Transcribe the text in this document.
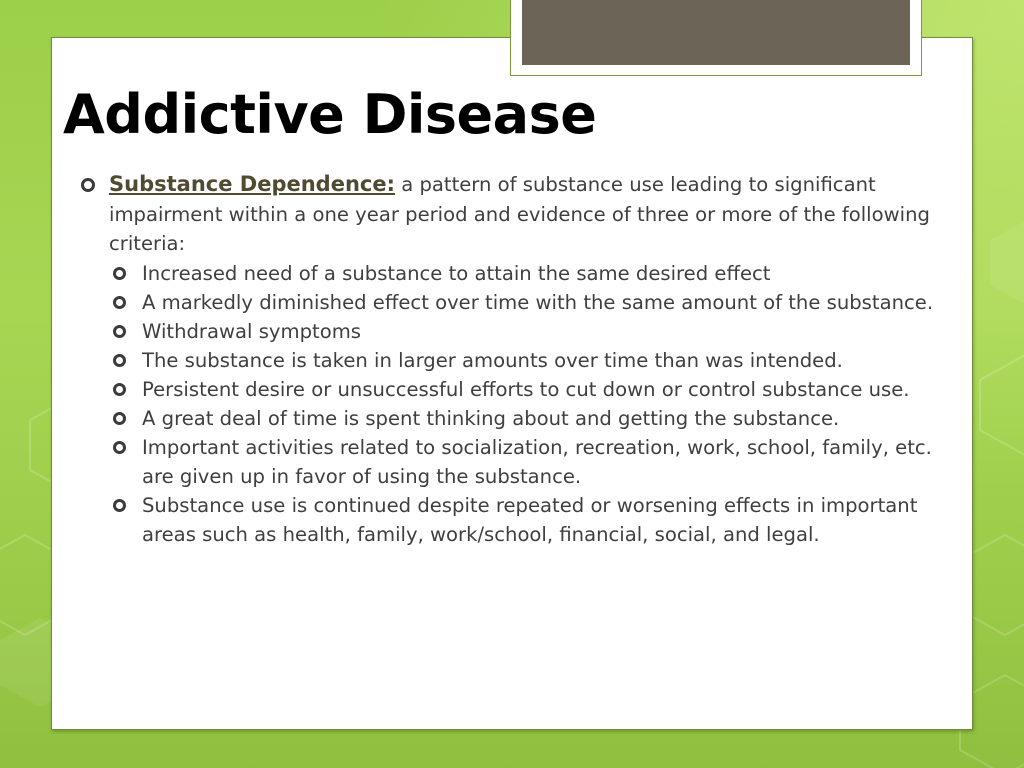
Addictive Disease
Substance Dependence: a pattern of substance use leading to significant impairment within a one year period and evidence of three or more of the following criteria:
Increased need of a substance to attain the same desired effect
A markedly diminished effect over time with the same amount of the substance.
Withdrawal symptoms
The substance is taken in larger amounts over time than was intended.
Persistent desire or unsuccessful efforts to cut down or control substance use.
A great deal of time is spent thinking about and getting the substance.
Important activities related to socialization, recreation, work, school, family, etc. are given up in favor of using the substance.
Substance use is continued despite repeated or worsening effects in important areas such as health, family, work/school, financial, social, and legal.
